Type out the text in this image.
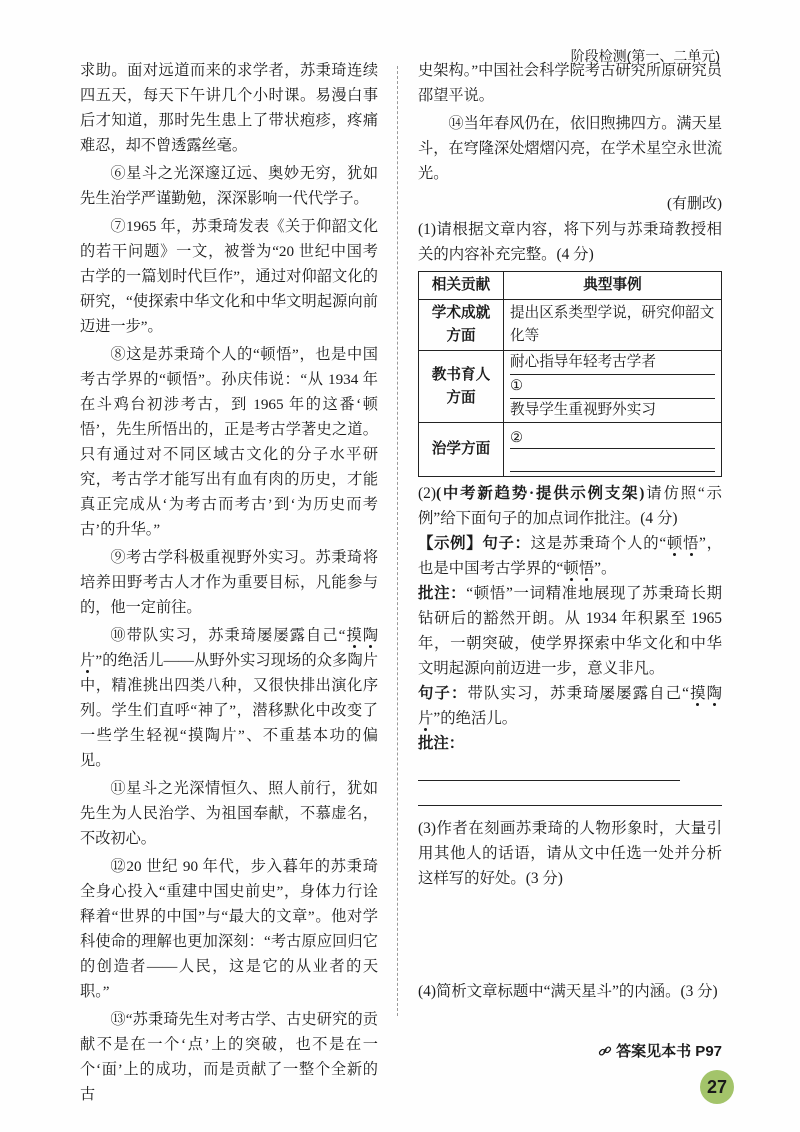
阶段检测(第一、二单元)

求助。面对远道而来的求学者，苏秉琦连续四五天，每天下午讲几个小时课。易漫白事后才知道，那时先生患上了带状疱疹，疼痛难忍，却不曾透露丝毫。

⑥星斗之光深邃辽远、奥妙无穷，犹如先生治学严谨勤勉，深深影响一代代学子。

⑦1965 年，苏秉琦发表《关于仰韶文化的若干问题》一文，被誉为“20 世纪中国考古学的一篇划时代巨作”，通过对仰韶文化的研究，“使探索中华文化和中华文明起源向前迈进一步”。

⑧这是苏秉琦个人的“顿悟”，也是中国考古学界的“顿悟”。孙庆伟说：“从 1934 年在斗鸡台初涉考古，到 1965 年的这番‘顿悟’，先生所悟出的，正是考古学著史之道。只有通过对不同区域古文化的分子水平研究，考古学才能写出有血有肉的历史，才能真正完成从‘为考古而考古’到‘为历史而考古’的升华。”

⑨考古学科极重视野外实习。苏秉琦将培养田野考古人才作为重要目标，凡能参与的，他一定前往。

⑩带队实习，苏秉琦屡屡露自己“摸陶片”的绝活儿——从野外实习现场的众多陶片中，精准挑出四类八种，又很快排出演化序列。学生们直呼“神了”，潜移默化中改变了一些学生轻视“摸陶片”、不重基本功的偏见。

⑪星斗之光深情恒久、照人前行，犹如先生为人民治学、为祖国奉献，不慕虚名，不改初心。

⑫20 世纪 90 年代，步入暮年的苏秉琦全身心投入“重建中国史前史”，身体力行诠释着“世界的中国”与“最大的文章”。他对学科使命的理解也更加深刻：“考古原应回归它的创造者——人民，这是它的从业者的天职。”

⑬“苏秉琦先生对考古学、古史研究的贡献不是在一个‘点’上的突破，也不是在一个‘面’上的成功，而是贡献了一整个全新的古

史架构。”中国社会科学院考古研究所原研究员邵望平说。

⑭当年春风仍在，依旧煦拂四方。满天星斗，在穹隆深处熠熠闪亮，在学术星空永世流光。

(有删改)
(1)请根据文章内容，将下列与苏秉琦教授相关的内容补充完整。(4 分)
相关贡献	典型事例
学术成就方面	提出区系类型学说，研究仰韶文化等
教书育人方面	耐心指导年轻考古学者
①
教导学生重视野外实习

治学方面	②
(2)(中考新趋势·提供示例支架)请仿照“示例”给下面句子的加点词作批注。(4 分)
【示例】句子：这是苏秉琦个人的“顿悟”，也是中国考古学界的“顿悟”。
批注：“顿悟”一词精准地展现了苏秉琦长期钻研后的豁然开朗。从 1934 年积累至 1965 年，一朝突破，使学界探索中华文化和中华文明起源向前迈进一步，意义非凡。
句子：带队实习，苏秉琦屡屡露自己“摸陶片”的绝活儿。
批注：
(3)作者在刻画苏秉琦的人物形象时，大量引用其他人的话语，请从文中任选一处并分析这样写的好处。(3 分)
(4)简析文章标题中“满天星斗”的内涵。(3 分)
答案见本书 P97
27
